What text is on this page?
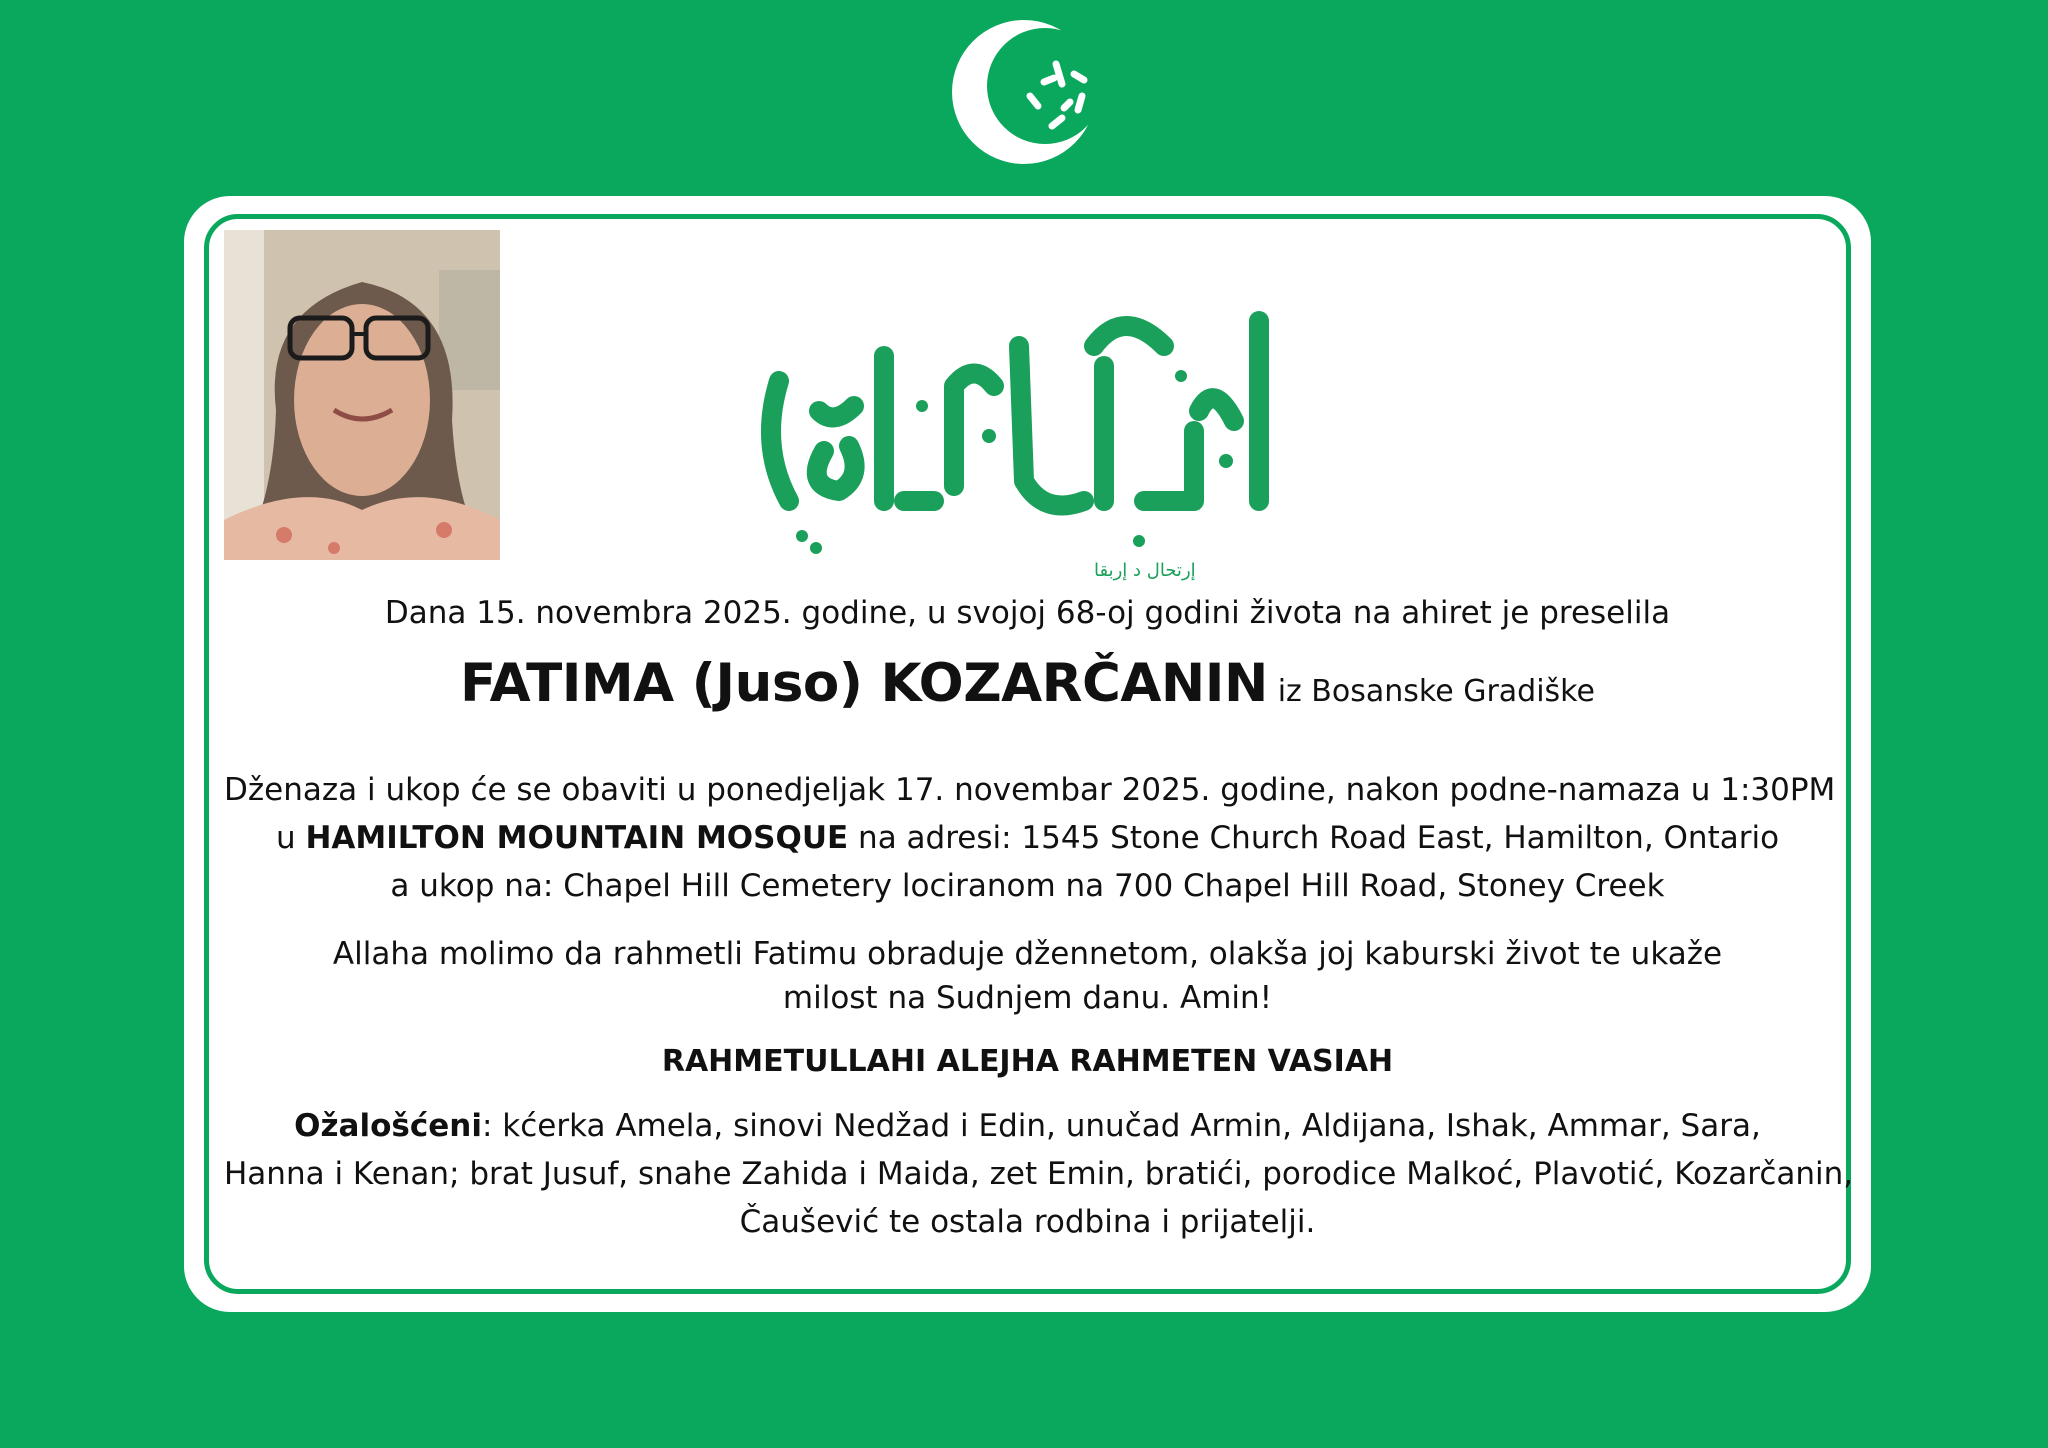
إرتحال د إربقا
Dana 15. novembra 2025. godine, u svojoj 68-oj godini života na ahiret je preselila
FATIMA (Juso) KOZARČANIN iz Bosanske Gradiške
Dženaza i ukop će se obaviti u ponedjeljak 17. novembar 2025. godine, nakon podne-namaza u 1:30PM
u HAMILTON MOUNTAIN MOSQUE na adresi: 1545 Stone Church Road East, Hamilton, Ontario
a ukop na: Chapel Hill Cemetery lociranom na 700 Chapel Hill Road, Stoney Creek
Allaha molimo da rahmetli Fatimu obraduje džennetom, olakša joj kaburski život te ukaže
milost na Sudnjem danu. Amin!
RAHMETULLAHI ALEJHA RAHMETEN VASIAH
Ožalošćeni: kćerka Amela, sinovi Nedžad i Edin, unučad Armin, Aldijana, Ishak, Ammar, Sara,
Hanna i Kenan; brat Jusuf, snahe Zahida i Maida, zet Emin, bratići, porodice Malkoć, Plavotić, Kozarčanin,
Čaušević te ostala rodbina i prijatelji.
